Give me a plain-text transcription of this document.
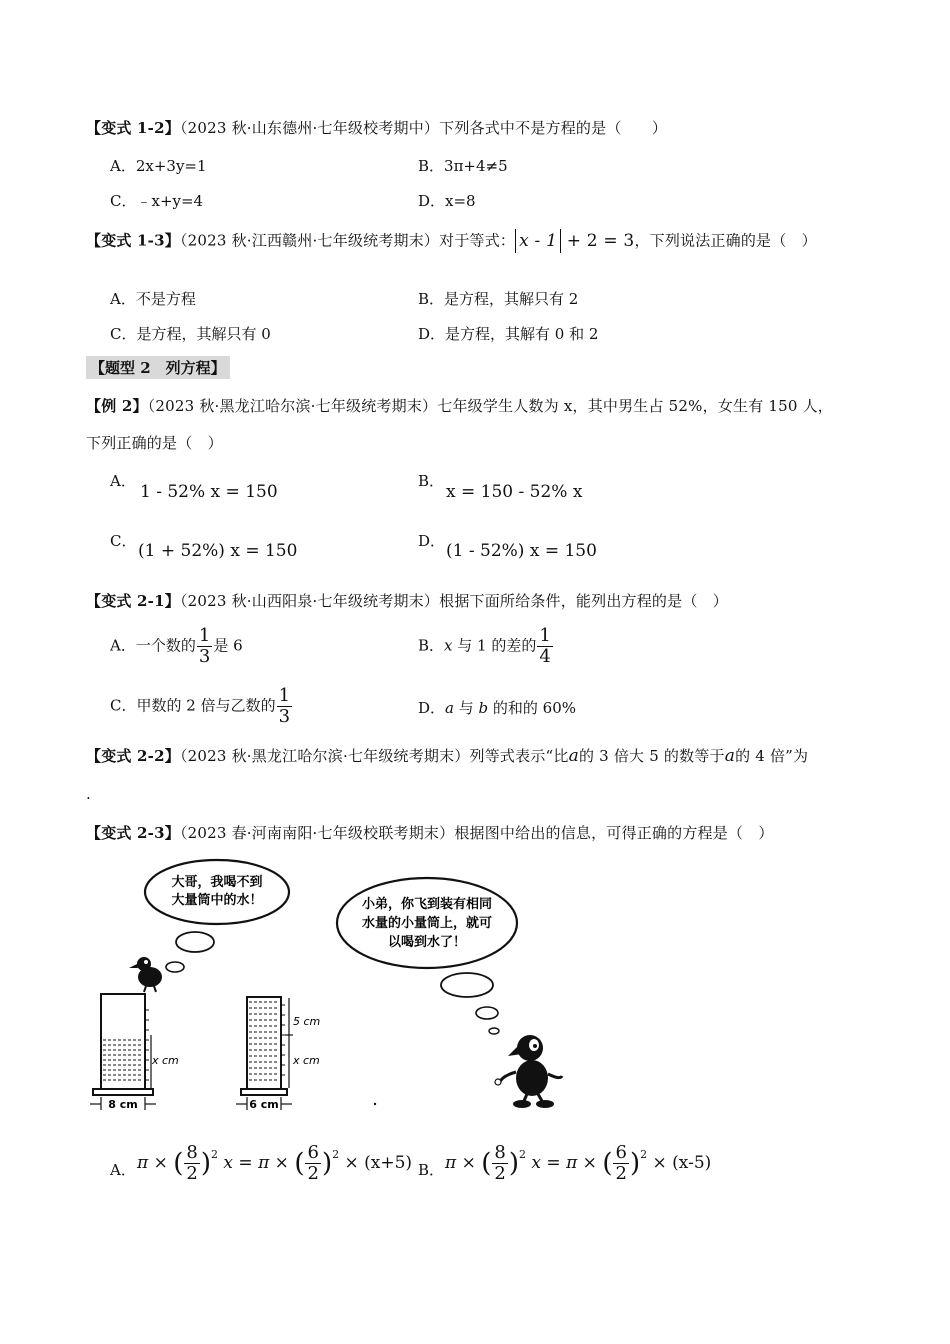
【变式 1-2】（2023 秋·山东德州·七年级校考期中）下列各式中不是方程的是（　　）
A．2x+3y=1	B．3π+4≠5
C．﹣x+y=4	D．x=8
【变式 1-3】（2023 秋·江西赣州·七年级统考期末）对于等式： x - 1 + 2 = 3，下列说法正确的是（　）
A．不是方程	B．是方程，其解只有 2
C．是方程，其解只有 0	D．是方程，其解有 0 和 2
【题型 2　列方程】
【例 2】（2023 秋·黑龙江哈尔滨·七年级统考期末）七年级学生人数为 x，其中男生占 52%，女生有 150 人，
下列正确的是（　）
A．
1 - 52% x = 150
B．
x = 150 - 52% x
C． (1 + 52%) x = 150	D． (1 - 52%) x = 150
【变式 2-1】（2023 秋·山西阳泉·七年级统考期末）根据下面所给条件，能列出方程的是（　）
A．一个数的 $\frac{1}{3}$ 是 6	B．x 与 1 的差的 $\frac{1}{4}$
C．甲数的 2 倍与乙数的 $\frac{1}{3}$	D．a 与 b 的和的 60%
【变式 2-2】（2023 秋·黑龙江哈尔滨·七年级统考期末）列等式表示“比a的 3 倍大 5 的数等于a的 4 倍”为
.
【变式 2-3】（2023 春·河南南阳·七年级校联考期末）根据图中给出的信息，可得正确的方程是（　）
大哥，我喝不到
大量筒中的水！	小弟，你飞到装有相同
水量的小量筒上，就可
以喝到水了！
x cm
8 cm
5 cm
x cm
6 cm
A． π × ( $\frac{8}{2} )^2$ x = π × ( $\frac{6}{2} )^2 \times (x+5)$ B． π × ( $\frac{8}{2} )^2$ x = π × ( $\frac{6}{2} )^2 \times (x-5)$
